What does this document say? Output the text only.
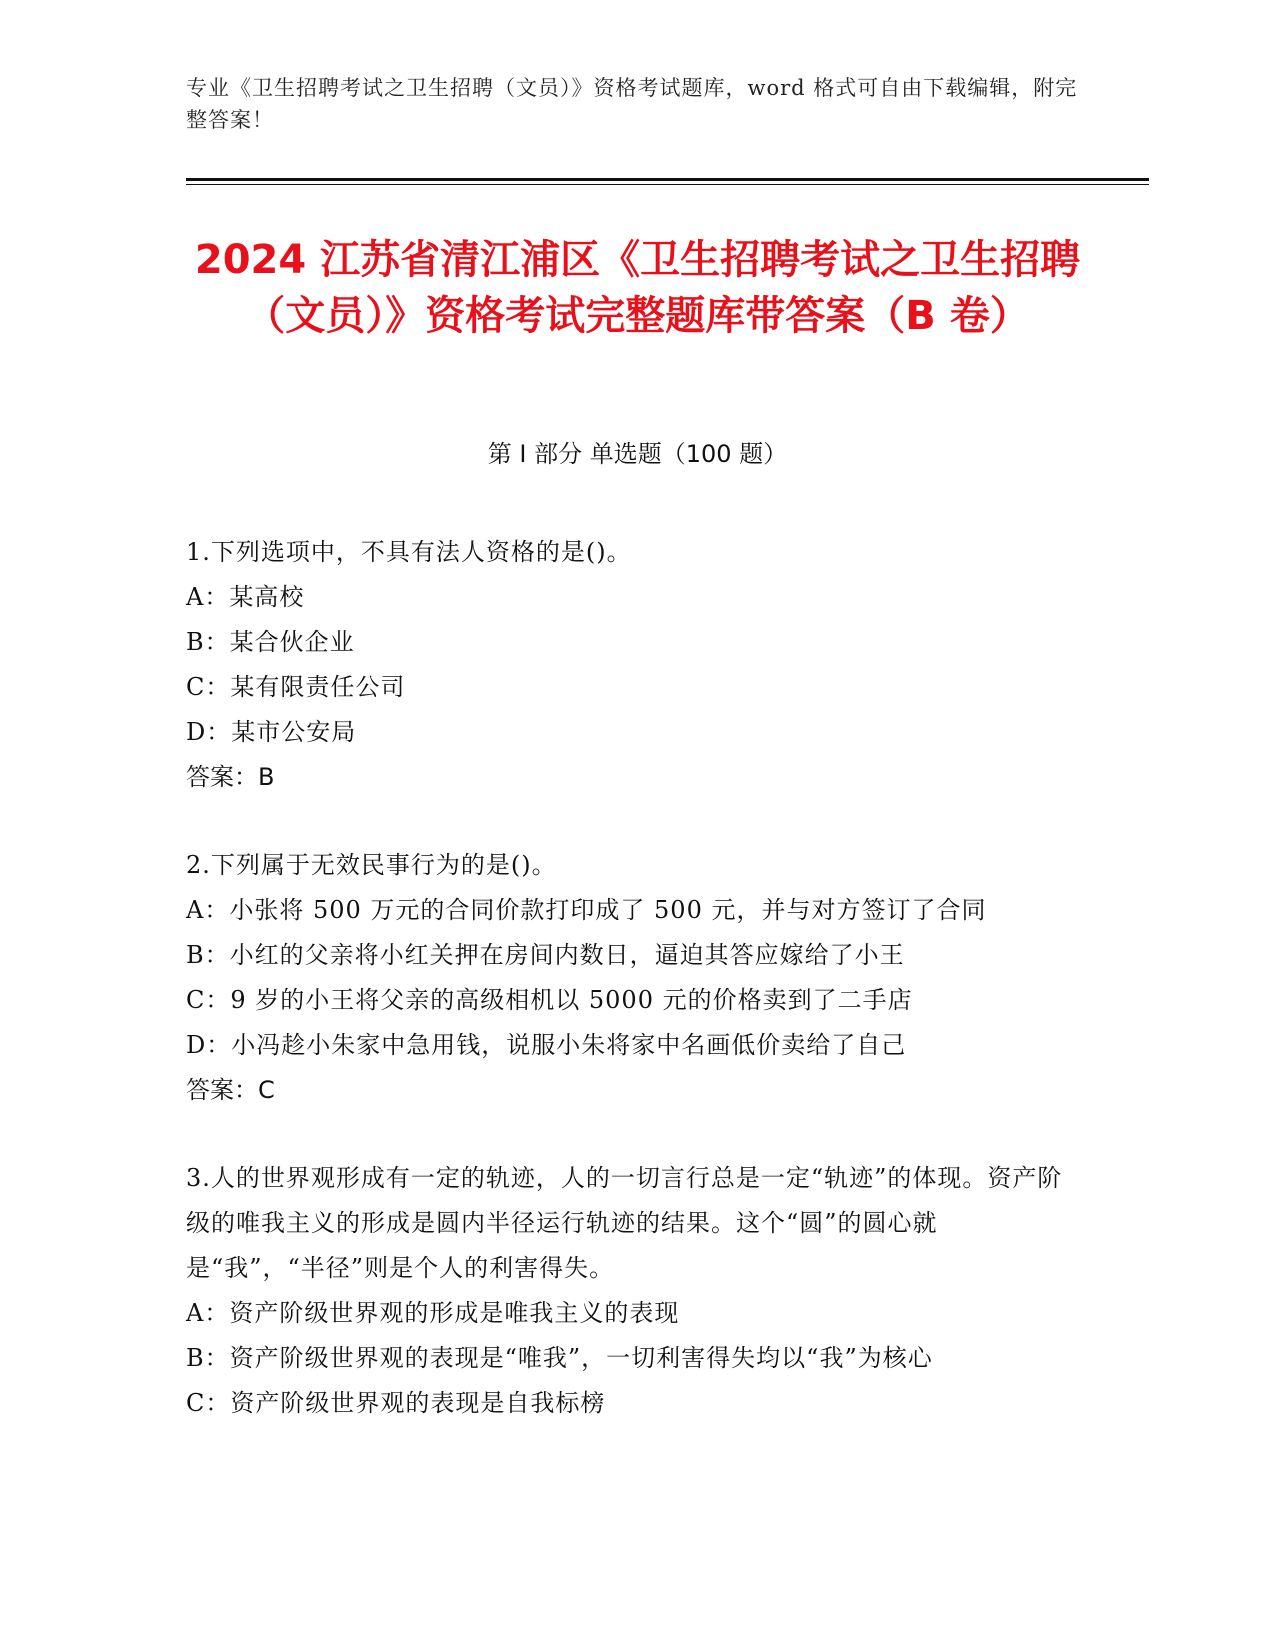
专业《卫生招聘考试之卫生招聘（文员）》资格考试题库，word 格式可自由下载编辑，附完整答案！
2024 江苏省清江浦区《卫生招聘考试之卫生招聘（文员）》资格考试完整题库带答案（B 卷）
第 I 部分 单选题（100 题）
1.下列选项中，不具有法人资格的是()。
A：某高校
B：某合伙企业
C：某有限责任公司
D：某市公安局
答案：B
2.下列属于无效民事行为的是()。
A：小张将 500 万元的合同价款打印成了 500 元，并与对方签订了合同
B：小红的父亲将小红关押在房间内数日，逼迫其答应嫁给了小王
C：9 岁的小王将父亲的高级相机以 5000 元的价格卖到了二手店
D：小冯趁小朱家中急用钱，说服小朱将家中名画低价卖给了自己
答案：C
3.人的世界观形成有一定的轨迹，人的一切言行总是一定“轨迹”的体现。资产阶级的唯我主义的形成是圆内半径运行轨迹的结果。这个“圆”的圆心就是“我”，“半径”则是个人的利害得失。
A：资产阶级世界观的形成是唯我主义的表现
B：资产阶级世界观的表现是“唯我”，一切利害得失均以“我”为核心
C：资产阶级世界观的表现是自我标榜
